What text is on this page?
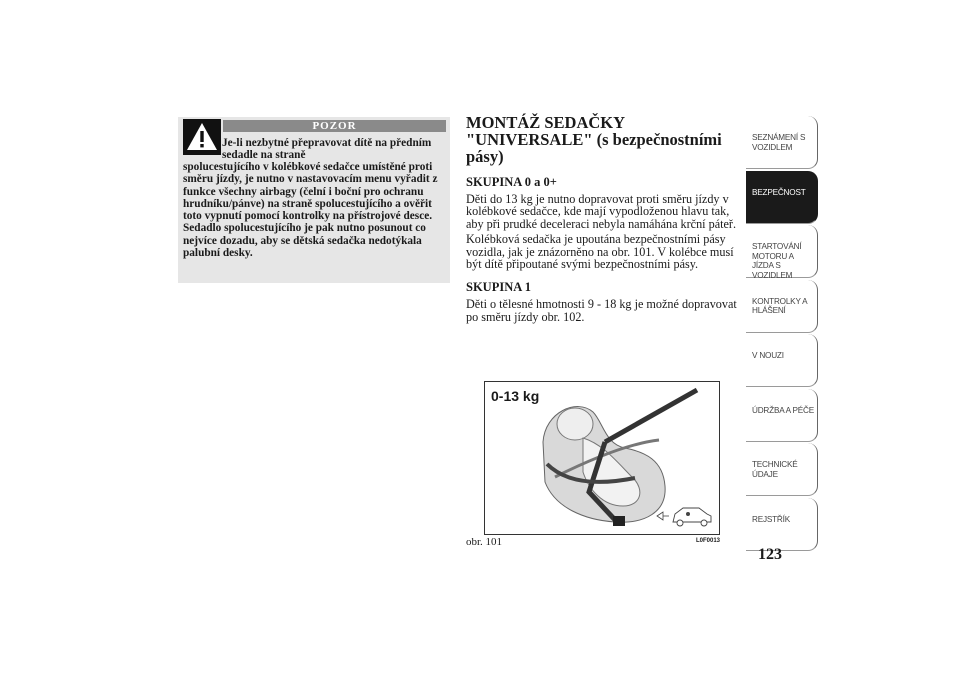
POZOR
Je-li nezbytné přepravovat dítě na předním sedadle na straně
spolucestujícího v kolébkové sedačce umístěné proti směru jízdy, je nutno v nastavovacím menu vyřadit z funkce všechny airbagy (čelní i boční pro ochranu hrudníku/pánve) na straně spolucestujícího a ověřit toto vypnutí pomocí kontrolky na přístrojové desce. Sedadlo spolucestujícího je pak nutno posunout co nejvíce dozadu, aby se dětská sedačka nedotýkala palubní desky.
MONTÁŽ SEDAČKY "UNIVERSALE" (s bezpečnostními pásy)
SKUPINA 0 a 0+

Děti do 13 kg je nutno dopravovat proti směru jízdy v kolébkové sedačce, kde mají vypodloženou hlavu tak, aby při prudké deceleraci nebyla namáhána krční páteř.

Kolébková sedačka je upoutána bezpečnostními pásy vozidla, jak je znázorněno na obr. 101. V kolébce musí být dítě připoutané svými bezpečnostními pásy.

SKUPINA 1

Děti o tělesné hmotnosti 9 - 18 kg je možné dopravovat po směru jízdy obr. 102.

0-13 kg
obr. 101	L0F0013
SEZNÁMENÍ S VOZIDLEM
BEZPEČNOST
STARTOVÁNÍ MOTORU A JÍZDA S VOZIDLEM
KONTROLKY A HLÁŠENÍ
V NOUZI
ÚDRŽBA A PÉČE
TECHNICKÉ ÚDAJE
REJSTŘÍK
123
